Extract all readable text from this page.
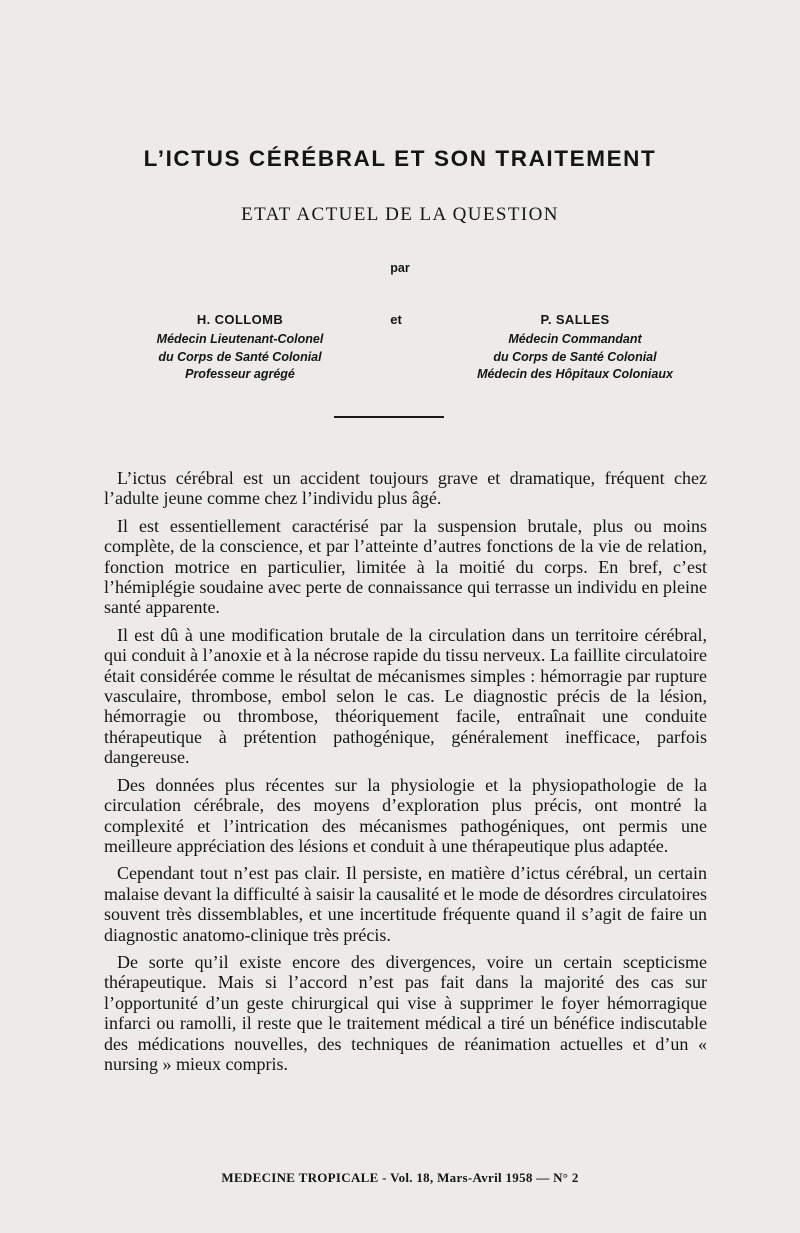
L’ICTUS CÉRÉBRAL ET SON TRAITEMENT
ETAT ACTUEL DE LA QUESTION
par
H. COLLOMB
Médecin Lieutenant-Colonel
du Corps de Santé Colonial
Professeur agrégé
et	P. SALLES
Médecin Commandant
du Corps de Santé Colonial
Médecin des Hôpitaux Coloniaux

L’ictus cérébral est un accident toujours grave et dramatique, fréquent chez l’adulte jeune comme chez l’individu plus âgé.

Il est essentiellement caractérisé par la suspension brutale, plus ou moins complète, de la conscience, et par l’atteinte d’autres fonctions de la vie de relation, fonction motrice en particulier, limitée à la moitié du corps. En bref, c’est l’hémiplégie soudaine avec perte de connaissance qui terrasse un individu en pleine santé apparente.

Il est dû à une modification brutale de la circulation dans un territoire cérébral, qui conduit à l’anoxie et à la nécrose rapide du tissu nerveux. La faillite circulatoire était considérée comme le résultat de mécanismes simples : hémorragie par rupture vasculaire, thrombose, embol selon le cas. Le diagnostic précis de la lésion, hémorragie ou thrombose, théoriquement facile, entraînait une conduite thérapeutique à prétention pathogénique, généralement inefficace, parfois dangereuse.

Des données plus récentes sur la physiologie et la physiopathologie de la circulation cérébrale, des moyens d’exploration plus précis, ont montré la complexité et l’intrication des mécanismes pathogéniques, ont permis une meilleure appréciation des lésions et conduit à une thérapeutique plus adaptée.

Cependant tout n’est pas clair. Il persiste, en matière d’ictus cérébral, un certain malaise devant la difficulté à saisir la causalité et le mode de désordres circulatoires souvent très dissemblables, et une incertitude fréquente quand il s’agit de faire un diagnostic anatomo-clinique très précis.

De sorte qu’il existe encore des divergences, voire un certain scepticisme thérapeutique. Mais si l’accord n’est pas fait dans la majorité des cas sur l’opportunité d’un geste chirurgical qui vise à supprimer le foyer hémorragique infarci ou ramolli, il reste que le traitement médical a tiré un bénéfice indiscutable des médications nouvelles, des techniques de réanimation actuelles et d’un « nursing » mieux compris.

MEDECINE TROPICALE - Vol. 18, Mars-Avril 1958 — N° 2
